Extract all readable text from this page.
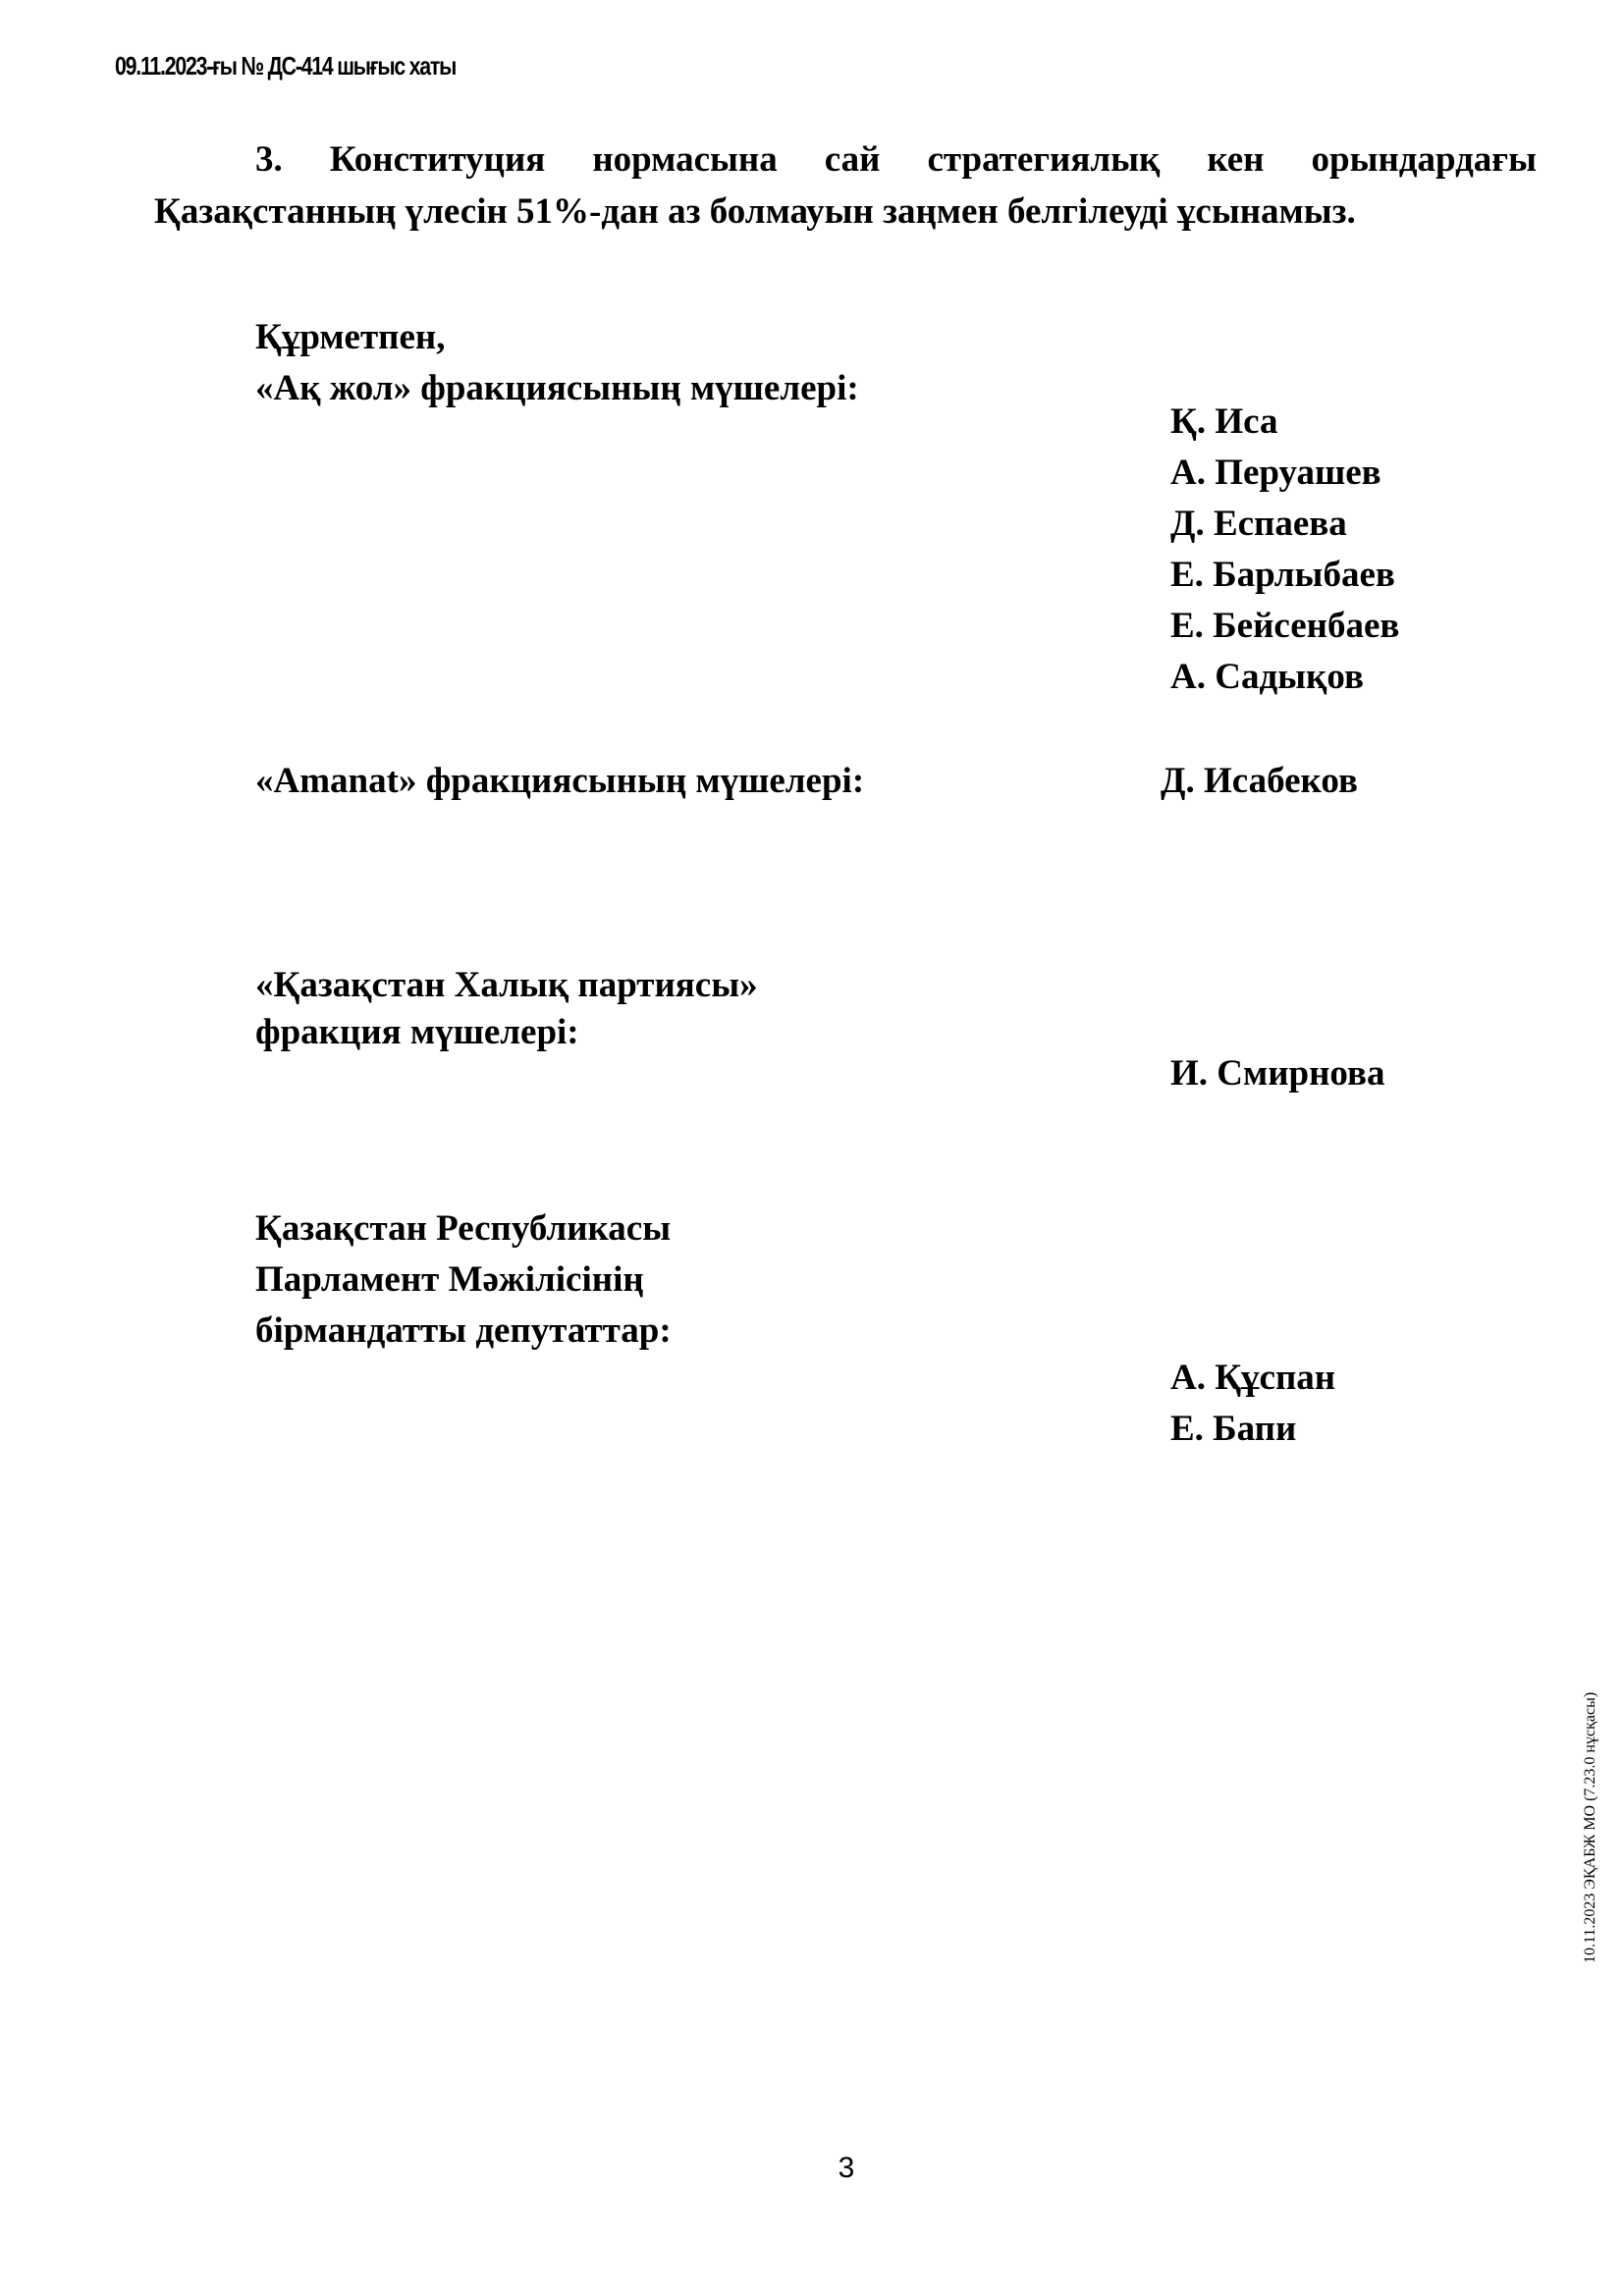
09.11.2023-ғы № ДС-414 шығыс хаты
3. Конституция нормасына сай стратегиялық кен орындардағы Қазақстанның үлесін 51%-дан аз болмауын заңмен белгілеуді ұсынамыз.
Құрметпен,
«Ақ жол» фракциясының мүшелері:
Қ. Иса
А. Перуашев
Д. Еспаева
Е. Барлыбаев
Е. Бейсенбаев
А. Садықов
«Amanat» фракциясының мүшелері:	Д. Исабеков
«Қазақстан Халық партиясы»
фракция мүшелері:
И. Смирнова
Қазақстан Республикасы
Парламент Мәжілісінің
бірмандатты депутаттар:
А. Құспан
Е. Бапи
10.11.2023 ЭҚАБЖ МО (7.23.0 нұсқасы)
3
